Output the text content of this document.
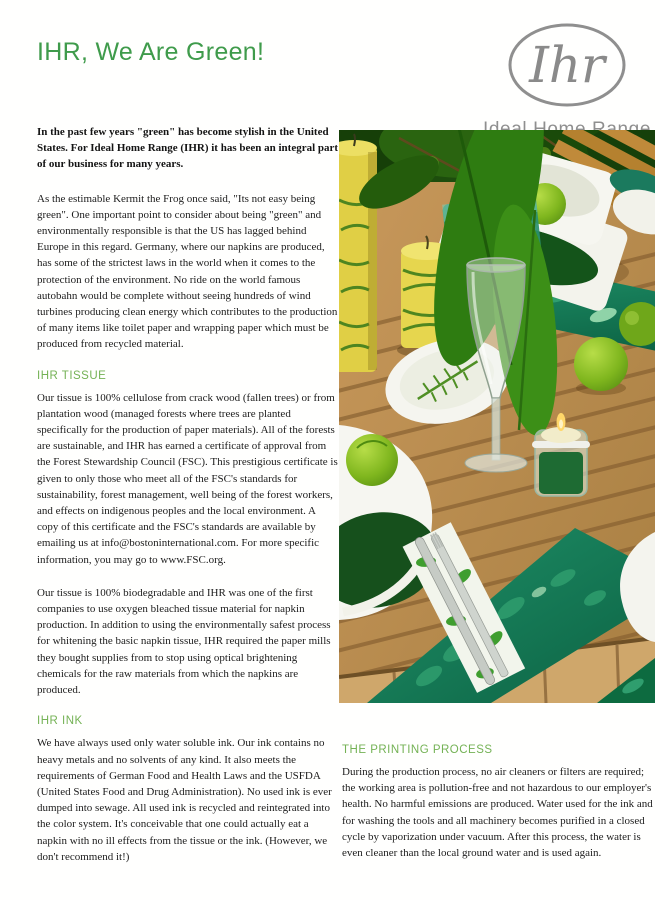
IHR, We Are Green!	Ihr

In the past few years "green" has become stylish in the United States. For Ideal Home Range (IHR) it has been an integral part of our business for many years.

As the estimable Kermit the Frog once said, "Its not easy being green". One important point to consider about being "green" and environmentally responsible is that the US has lagged behind Europe in this regard. Germany, where our napkins are produced, has some of the strictest laws in the world when it comes to the protection of the environment. No ride on the world famous autobahn would be complete without seeing hundreds of wind turbines producing clean energy which contributes to the production of many items like toilet paper and wrapping paper which must be produced from recycled material.

IHR TISSUE

Our tissue is 100% cellulose from crack wood (fallen trees) or from plantation wood (managed forests where trees are planted specifically for the production of paper materials). All of the forests are sustainable, and IHR has earned a certificate of approval from the Forest Stewardship Council (FSC). This prestigious certificate is given to only those who meet all of the FSC's standards for sustainability, forest management, well being of the forest workers, and effects on indigenous peoples and the local environment. A copy of this certificate and the FSC's standards are available by emailing us at info@bostoninternational.com. For more specific information, you may go to www.FSC.org.

Our tissue is 100% biodegradable and IHR was one of the first companies to use oxygen bleached tissue material for napkin production. In addition to using the environmentally safest process for whitening the basic napkin tissue, IHR required the paper mills they bought supplies from to stop using optical brightening chemicals for the raw materials from which the napkins are produced.

IHR INK

We have always used only water soluble ink. Our ink contains no heavy metals and no solvents of any kind. It also meets the requirements of German Food and Health Laws and the USFDA (United States Food and Drug Administration). No used ink is ever dumped into sewage. All used ink is recycled and reintegrated into the color system. It's conceivable that one could actually eat a napkin with no ill effects from the tissue or the ink. (However, we don't recommend it!)

THE PRINTING PROCESS

During the production process, no air cleaners or filters are required; the working area is pollution-free and not hazardous to our employer's health. No harmful emissions are produced. Water used for the ink and for washing the tools and all machinery becomes purified in a closed cycle by vaporization under vacuum. After this process, the water is even cleaner than the local ground water and is used again.
